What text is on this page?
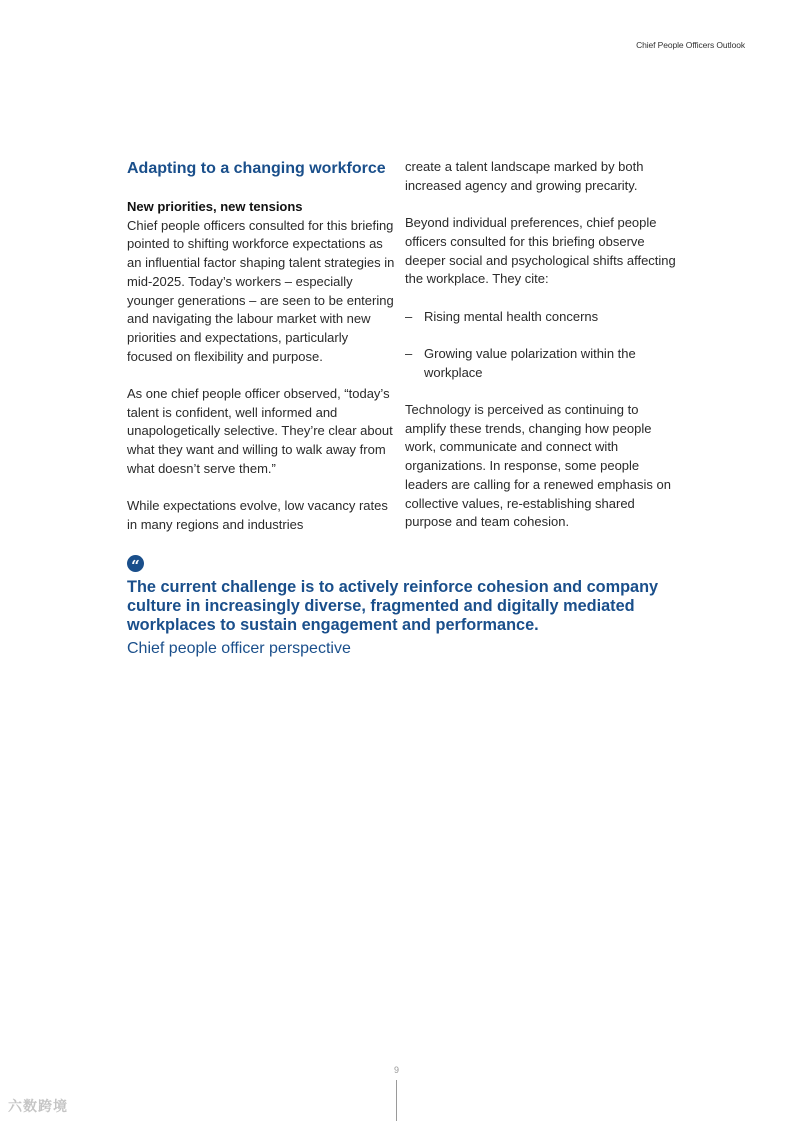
Chief People Officers Outlook
Adapting to a changing workforce
New priorities, new tensions

Chief people officers consulted for this briefing pointed to shifting workforce expectations as an influential factor shaping talent strategies in mid-2025. Today’s workers – especially younger generations – are seen to be entering and navigating the labour market with new priorities and expectations, particularly focused on flexibility and purpose.

As one chief people officer observed, “today’s talent is confident, well informed and unapologetically selective. They’re clear about what they want and willing to walk away from what doesn’t serve them.”

While expectations evolve, low vacancy rates in many regions and industries

create a talent landscape marked by both increased agency and growing precarity.

Beyond individual preferences, chief people officers consulted for this briefing observe deeper social and psychological shifts affecting the workplace. They cite:

– Rising mental health concerns
– Growing value polarization within the workplace

Technology is perceived as continuing to amplify these trends, changing how people work, communicate and connect with organizations. In response, some people leaders are calling for a renewed emphasis on collective values, re-establishing shared purpose and team cohesion.

“
The current challenge is to actively reinforce cohesion and company culture in increasingly diverse, fragmented and digitally mediated workplaces to sustain engagement and performance.
Chief people officer perspective
9
六数跨境
